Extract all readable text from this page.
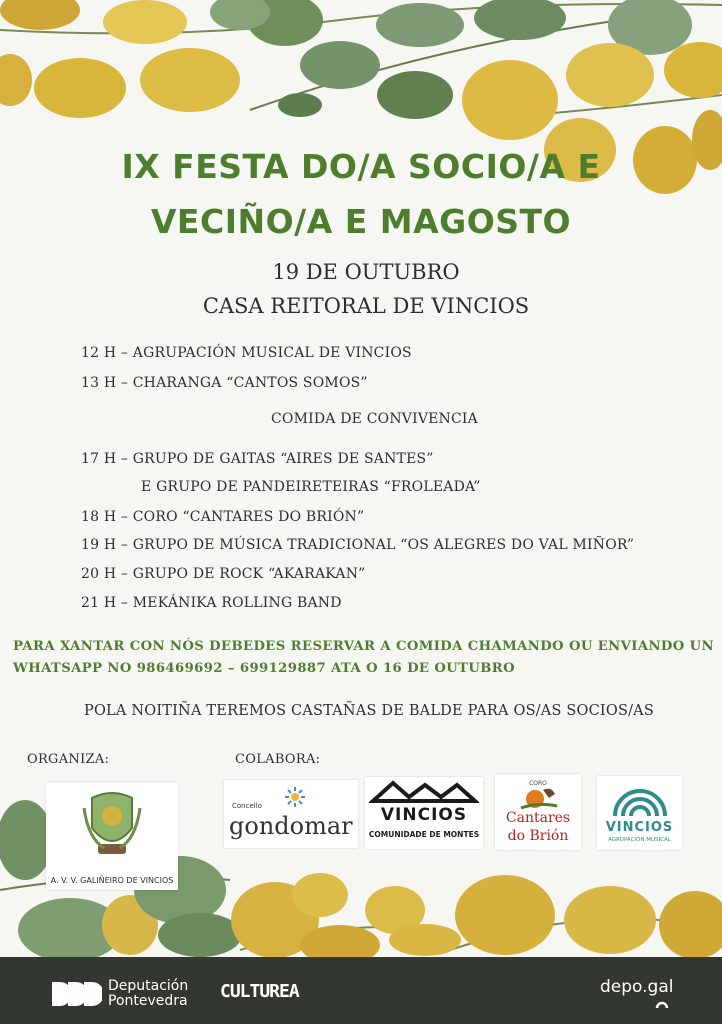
IX FESTA DO/A SOCIO/A E
VECIÑO/A E MAGOSTO
19 DE OUTUBRO
CASA REITORAL DE VINCIOS
12 H – AGRUPACIÓN MUSICAL DE VINCIOS
13 H – CHARANGA “CANTOS SOMOS”
COMIDA DE CONVIVENCIA
17 H – GRUPO DE GAITAS “AIRES DE SANTES”
E GRUPO DE PANDEIRETEIRAS “FROLEADA”
18 H – CORO “CANTARES DO BRIÓN”
19 H – GRUPO DE MÚSICA TRADICIONAL “OS ALEGRES DO VAL MIÑOR”
20 H – GRUPO DE ROCK “AKARAKAN”
21 H – MEKÁNIKA ROLLING BAND
PARA XANTAR CON NÓS DEBEDES RESERVAR A COMIDA CHAMANDO OU ENVIANDO UN
WHATSAPP NO 986469692 – 699129887 ATA O 16 DE OUTUBRO
POLA NOITIÑA TEREMOS CASTAÑAS DE BALDE PARA OS/AS SOCIOS/AS
ORGANIZA:	COLABORA:
A. V. V. GALIÑEIRO DE VINCIOS
Concello
gondomar	VINCIOS
COMUNIDADE DE MONTES
CORO
Cantares
do Brión
VINCIOS
AGRUPACIÓN MUSICAL
Deputación
Pontevedra CULTUREA	depo.gal
